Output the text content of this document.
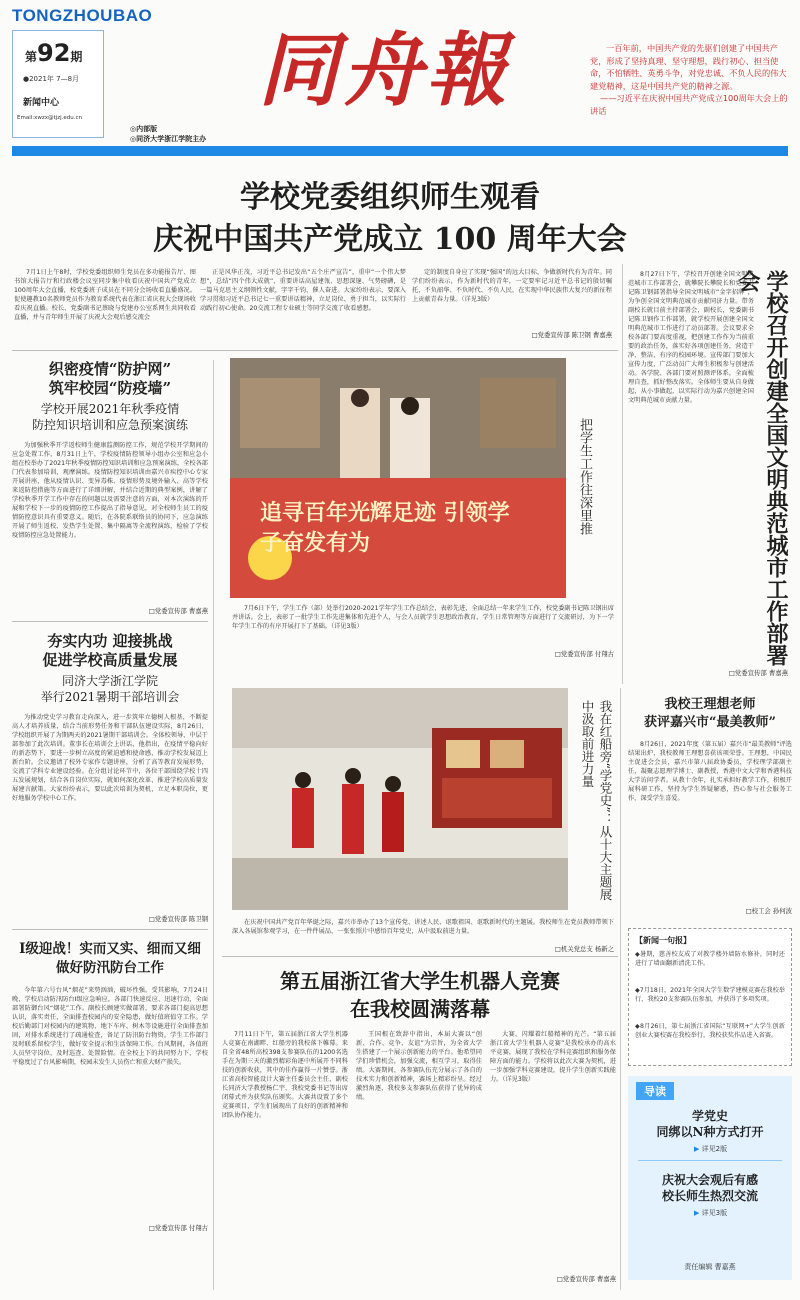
TONGZHOUBAO
第92期
●2021年 7—8月
新闻中心
Email:xwzx@tjzj.edu.cn
同舟報
◎内部版
◎同济大学浙江学院主办
一百年前，中国共产党的先驱们创建了中国共产党，形成了坚持真理、坚守理想，践行初心、担当使命，不怕牺牲、英勇斗争，对党忠诚、不负人民的伟大建党精神，这是中国共产党的精神之源。
——习近平在庆祝中国共产党成立100周年大会上的讲话
学校党委组织师生观看
庆祝中国共产党成立 100 周年大会
7月1日上午8时，学校党委组织师生党员在多功能报告厅、图书馆大报告厅和行政楼会议室同步集中收看庆祝中国共产党成立100周年大会直播，校党委班子成员在不同分会场收看直播盛况。促使趣教10名教师党员作为教育系统代表在浙江省庆祝大会现场收看庆祝直播。校长、党委副书记蔡晓与党建办公室系网生共同收看直播，并与青年师生开展了庆祝大会观后感交流会
正是风华正茂，习近平总书记发出“五个庄严宣告”，重申“一个伟大梦想”，总结“四个伟大成就”，重要讲话高屋建瓴、思想深邃、气势磅礴，是一篇马克思主义纲领性文献，字字千钧、催人奋进。大家纷纷表示，要深入学习贯彻习近平总书记七一重要讲话精神，立足岗位、勇于担当，以实际行动践行初心使命。20交流工程专业硕士等同学交流了收看感想。
定的制度自身应了实现“强国”的远大目标，争做新时代有为青年。同学们纷纷表示，作为新时代的青年，一定要牢记习近平总书记的殷切嘱托，不负韶华、不负时代、不负人民，在实现中华民族伟大复兴的新征程上贡献青春力量。（详见3版）
□党委宣传部 陈卫钢 曹嘉燕	学校召开创建全国文明典范城市工作部署会
8月27日下午，学校召开创建全国文明典范城市工作部署会，就攀院长攀院长和党委书记陈卫钢部署指导全国文明城市“金字招牌”，为争创全国文明典范城市贡献同济力量。带务副校长就目前主持部署会，副校长，党委副书记陈卫钢作工作部署，就学校开展创建全国文明典范城市工作进行了动员部署。会议要求全校各部门要高度重视，把创建工作作为当前重要的政治任务，落实好各项创建任务，营造干净、整洁、有序的校园环境。宣传部门要加大宣传力度，广泛动员广大师生积极参与创建活动。各学院、各部门要对照测评体系，全面梳理自查，抓好整改落实。全体师生要从自身做起，从小事做起，以实际行动为嘉兴创建全国文明典范城市贡献力量。
□党委宣传部 曹嘉燕
织密疫情“防护网”
筑牢校园“防疫墙”
学校开展2021年秋季疫情
防控知识培训和应急预案演练
为加强秋季开学返校师生健康监测防控工作，规范学校开学期间的应急处置工作，8月31日上午，学校疫情防控领导小组办公室和应急小组在校举办了2021年秋季疫情防控知识培训和应急预案演练，全校各部门代表参加培训，观摩演练。疫情防控知识培训由嘉兴市疾控中心专家开展讲座，他从疫情认识、变异毒株、疫情形势及境外输入、高等学校来返防控措施等方面进行了详细讲解，并结合近期的典型案例，讲解了学校秋季开学工作中存在的问题以及需要注意的方面，对本次演练的开展和学校下一步的疫情防控工作提出了指导意见，对全校师生员工的疫情防控意识具有重要意义。随后，在各院系联络员的协同下，应急演练开展了师生返校、发热学生处置、集中隔离等全流程演练，检验了学校疫情防控应急处置能力。
□党委宣传部 曹嘉燕
夯实内功 迎接挑战
促进学校高质量发展
同济大学浙江学院
举行2021暑期干部培训会
为推动党史学习教育走向深入，进一步筑牢立德树人根基，不断提高人才培养质量，结合当前形势任务和干部队伍建设实际，8月26日，学校组织开展了为期两天的2021暑期干部培训会。全体校领导、中层干部参加了此次培训。董事长在培训会上讲话，他指出，在疫情平稳向好的新态势下，要进一步树立高度的紧迫感和使命感，推动学校发展迈上新台阶。会议邀请了校外专家作专题讲座，分析了高等教育发展形势，交流了学科专业建设经验。在分组讨论环节中，各位干部围绕学校十四五发展规划，结合各自岗位实际，就如何深化改革、推进学校高质量发展建言献策。大家纷纷表示，要以此次培训为契机，立足本职岗位，更好地服务学校中心工作。
□党委宣传部 陈卫钢
Ⅰ级迎战！实而又实、细而又细
做好防汛防台工作
今年第六号台风“烟花”来势汹汹，破坏性强。受其影响，7月24日晚，学校启动防汛防台Ⅰ级应急响应，各部门快速反应、迅速行动，全面部署防御台风“烟花”工作。副校长顾建实做部署，要求各部门提高思想认识，落实责任，全面排查校园内的安全隐患，做好值班值守工作。学校后勤部门对校园内的建筑物、地下车库、树木等设施进行全面排查加固，对排水系统进行了疏通检查，备足了防汛防台物资。学生工作部门及时联系留校学生，做好安全提示和生活保障工作。台风期间，各值班人员坚守岗位，及时巡查、处置险情。在全校上下的共同努力下，学校平稳度过了台风影响期，校园未发生人员伤亡和重大财产损失。
□党委宣传部 付翔古
追寻百年光辉足迹 引领学子奋发有为
把学生工作往深里推
7月6日下午，学生工作（部）处举行2020-2021学年学生工作总结会，表彰先进，全面总结一年来学生工作，校党委副书记陈卫钢出席并讲话。会上，表彰了一批学生工作先进集体和先进个人，与会人员就学生思想政治教育、学生日常管理等方面进行了交流研讨，为下一学年学生工作的有序开展打下了基础。（详见3版）
□党委宣传部 付翔古
我在红船旁“学党史”：从十大主题展中汲取前进力量
在庆祝中国共产党百年华诞之际，嘉兴市举办了13个宣传党、讲述人民、讴歌祖国、讴歌新时代的主题展。我校师生在党员教师带领下深入各展馆参观学习，在一件件展品、一张张照片中感悟百年党史，从中汲取前进力量。
□机关党总支 杨新之
第五届浙江省大学生机器人竞赛
在我校圆满落幕
7月11日下午，第五届浙江省大学生机器人竞赛在南湖畔、红船旁的我校落下帷幕。来自全省48所高校398支参赛队伍的1200名选手在为期三天的激烈精彩角逐中所展开不同科技的创新收获，其中的佳作赢得一片赞誉。浙江省高校智能设计大赛主任委员会主任、副校长同济大学教授杨仁宇、我校党委书记等出席闭幕式并为获奖队伍颁奖。大赛共设置了多个竞赛项目，学生们展现出了良好的创新精神和团队协作能力。
王国根在致辞中指出，本届大赛以“创新、合作、竞争、友谊”为宗旨，为全省大学生搭建了一个展示创新能力的平台。他希望同学们珍惜机会，加强交流，相互学习，取得佳绩。大赛期间，各参赛队伍充分展示了各自的技术实力和创新精神，赛场上精彩纷呈。经过激烈角逐，我校多支参赛队伍获得了优异的成绩。
大赛，闪耀着红船精神的光芒。“第五届浙江省大学生机器人竞赛”是我校承办的高水平竞赛，展现了我校在学科竞赛组织和服务保障方面的能力。学校将以此次大赛为契机，进一步加强学科竞赛建设，提升学生创新实践能力。（详见3版）
□党委宣传部 曹嘉燕
我校王理想老师
获评嘉兴市“最美教师”
8月26日，2021年度（第五届）嘉兴市“最美教师”评选结果出炉，我校教师王理想喜获该项荣誉。王理想，中国民主促进会会员，嘉兴市第八届政协委员，学校理学部副主任，凝聚志愿理学博士、副教授，香港中文大学和香港科技大学访问学者。从教十余年，扎实承担好教学工作，积极开展科研工作，坚持为学生答疑解惑，热心参与社会服务工作，深受学生喜爱。
□校工会 孙何波
【新闻一句报】
◆暑期，慈善校友成了对教学楼外墙防水修补，同时还进行了墙面翻新清洗工作。
◆7月18日，2021年全国大学生数学建模竞赛在我校举行，我校20支参赛队伍参加，并获得了多项奖项。
◆8月26日，第七届浙江省国际“互联网+”大学生创新创业大赛校赛在我校举行，我校获奖作品进入省赛。
导读
学党史
同绑以N种方式打开
▶ 详见2版
庆祝大会观后有感
校长师生热烈交流
▶ 详见3版
责任编辑 曹嘉燕
